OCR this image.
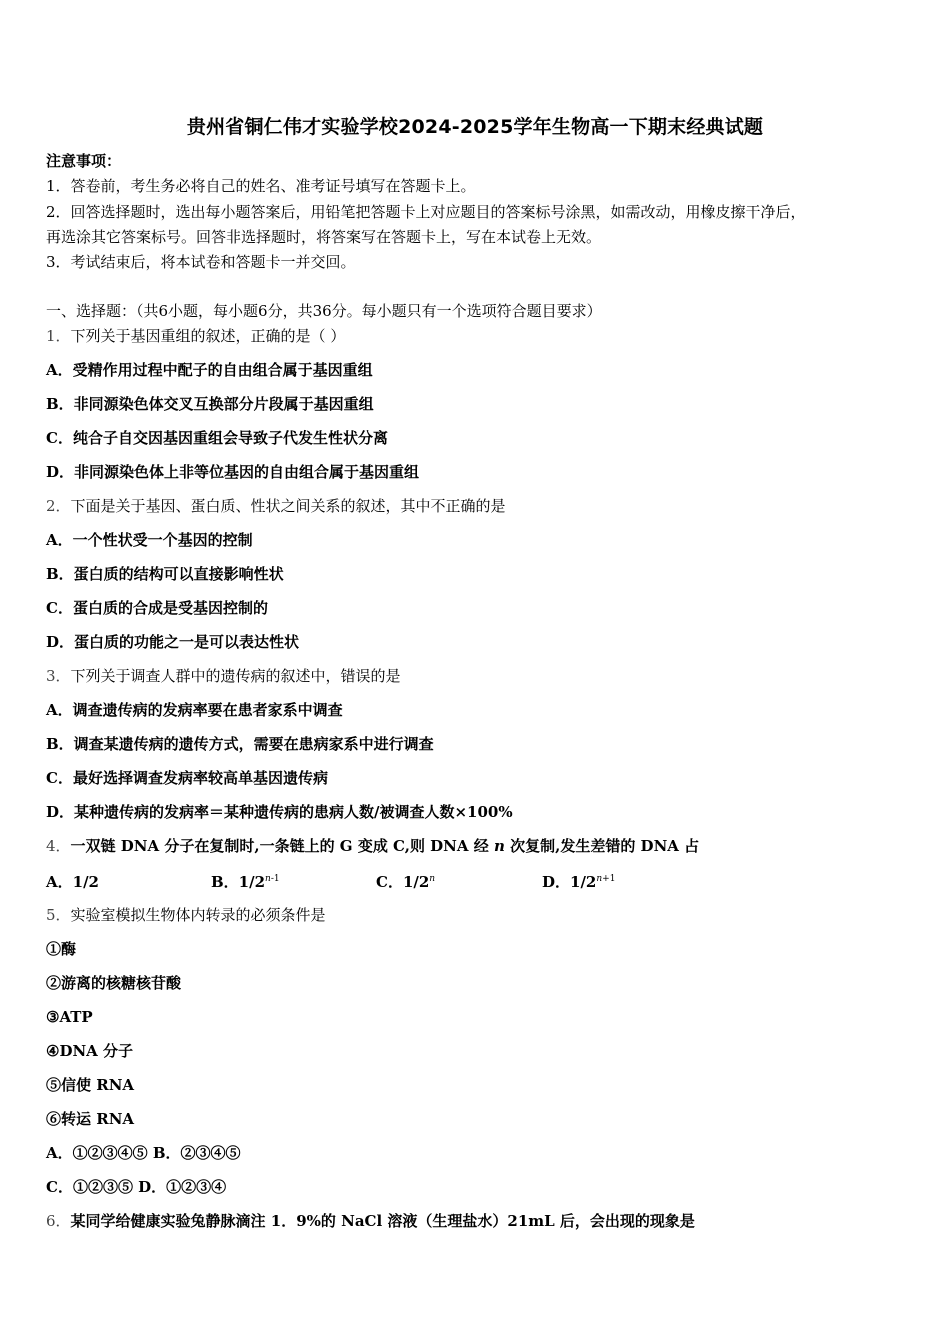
贵州省铜仁伟才实验学校2024-2025学年生物高一下期末经典试题
注意事项：
1．答卷前，考生务必将自己的姓名、准考证号填写在答题卡上。
2．回答选择题时，选出每小题答案后，用铅笔把答题卡上对应题目的答案标号涂黑，如需改动，用橡皮擦干净后，
再选涂其它答案标号。回答非选择题时，将答案写在答题卡上，写在本试卷上无效。
3．考试结束后，将本试卷和答题卡一并交回。
一、选择题：（共6小题，每小题6分，共36分。每小题只有一个选项符合题目要求）
1．下列关于基因重组的叙述，正确的是（ ）
A．受精作用过程中配子的自由组合属于基因重组
B．非同源染色体交叉互换部分片段属于基因重组
C．纯合子自交因基因重组会导致子代发生性状分离
D．非同源染色体上非等位基因的自由组合属于基因重组
2．下面是关于基因、蛋白质、性状之间关系的叙述，其中不正确的是
A．一个性状受一个基因的控制
B．蛋白质的结构可以直接影响性状
C．蛋白质的合成是受基因控制的
D．蛋白质的功能之一是可以表达性状
3．下列关于调查人群中的遗传病的叙述中，错误的是
A．调查遗传病的发病率要在患者家系中调查
B．调查某遗传病的遗传方式，需要在患病家系中进行调查
C．最好选择调查发病率较高单基因遗传病
D．某种遗传病的发病率＝某种遗传病的患病人数/被调查人数×100%
4．一双链 DNA 分子在复制时,一条链上的 G 变成 C,则 DNA 经 n 次复制,发生差错的 DNA 占
A．1/2	B．1/2$^{n-1}$	C．1/2$^n$	D．$1/2^{n+1}$
5．实验室模拟生物体内转录的必须条件是
①酶
②游离的核糖核苷酸
③ATP
④DNA 分子
⑤信使 RNA
⑥转运 RNA
A．①②③④⑤ B．②③④⑤
C．①②③⑤ D．①②③④
6．某同学给健康实验兔静脉滴注 1．9%的 NaCl 溶液（生理盐水）21mL 后，会出现的现象是
